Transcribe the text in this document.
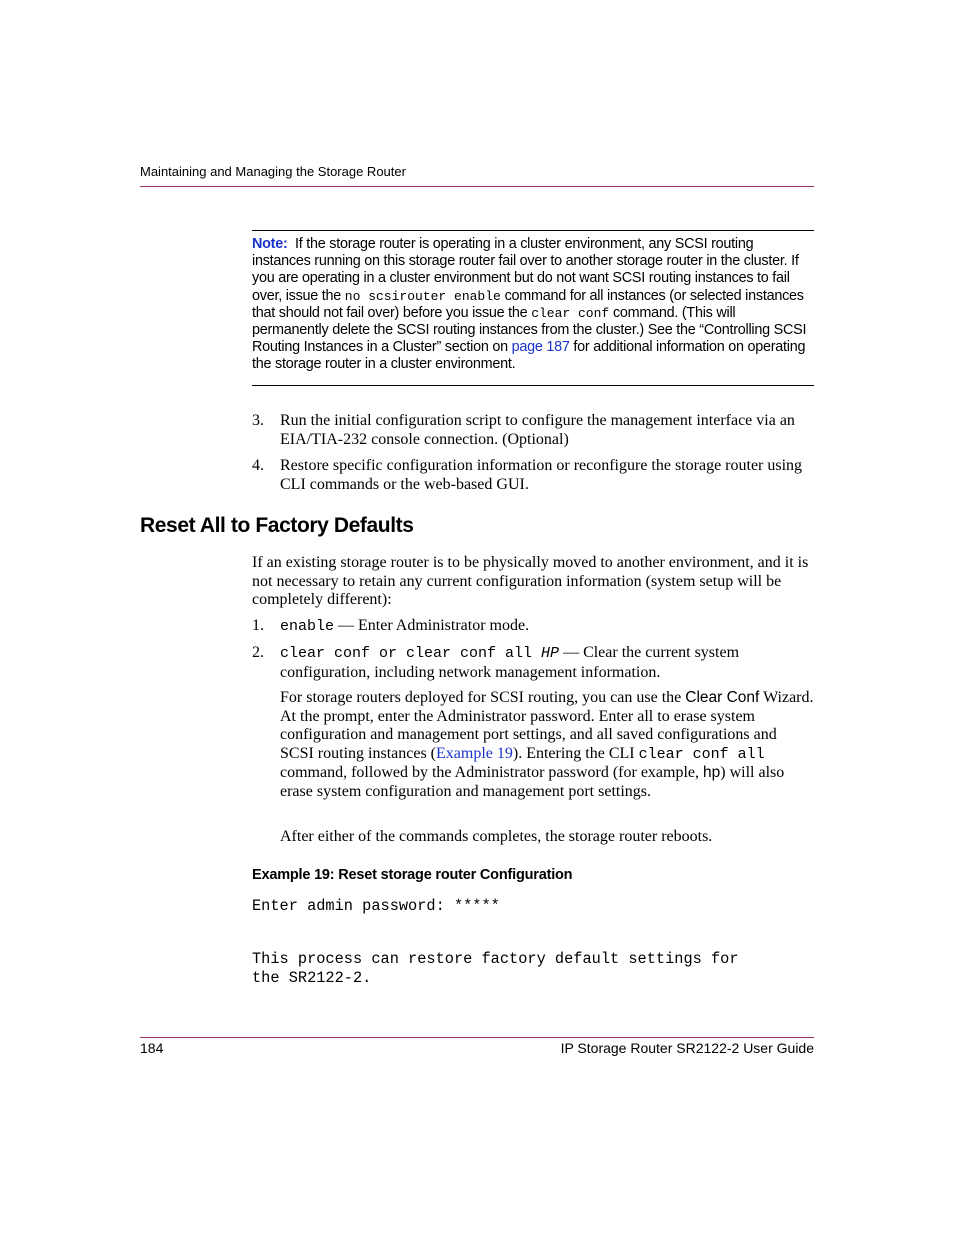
Maintaining and Managing the Storage Router
Note: If the storage router is operating in a cluster environment, any SCSI routing instances running on this storage router fail over to another storage router in the cluster. If you are operating in a cluster environment but do not want SCSI routing instances to fail over, issue the no scsirouter enable command for all instances (or selected instances that should not fail over) before you issue the clear conf command. (This will permanently delete the SCSI routing instances from the cluster.) See the “Controlling SCSI Routing Instances in a Cluster” section on page 187 for additional information on operating the storage router in a cluster environment.
3. Run the initial configuration script to configure the management interface via an EIA/TIA-232 console connection. (Optional)
4. Restore specific configuration information or reconfigure the storage router using CLI commands or the web-based GUI.
Reset All to Factory Defaults
If an existing storage router is to be physically moved to another environment, and it is not necessary to retain any current configuration information (system setup will be completely different):
1. enable — Enter Administrator mode.
2. clear conf or clear conf all HP — Clear the current system configuration, including network management information.
For storage routers deployed for SCSI routing, you can use the Clear Conf Wizard. At the prompt, enter the Administrator password. Enter all to erase system configuration and management port settings, and all saved configurations and SCSI routing instances (Example 19). Entering the CLI clear conf all command, followed by the Administrator password (for example, hp) will also erase system configuration and management port settings.
After either of the commands completes, the storage router reboots.
Example 19: Reset storage router Configuration
Enter admin password: *****
This process can restore factory default settings for
the SR2122-2.
184	IP Storage Router SR2122-2 User Guide
